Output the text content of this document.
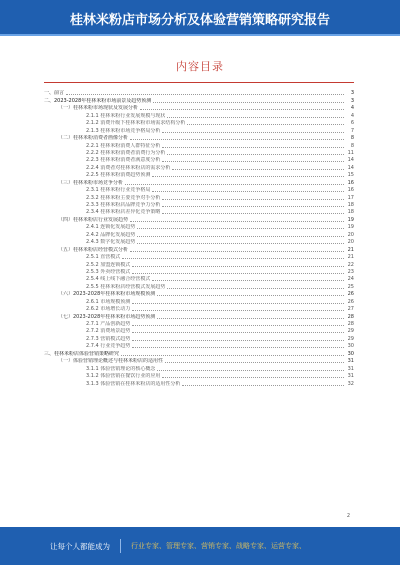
桂林米粉店市场分析及体验营销策略研究报告
内容目录
一、前言	3
二、2023-2028年桂林米粉市场前景及趋势预测	3
（一）桂林米粉市场现状及发展分析	4
2.1.1 桂林米粉行业发展规模与现状	4
2.1.2 消费升级下桂林米粉市场需求结构分析	6
2.1.3 桂林米粉市场竞争格局分析	7
（二）桂林米粉消费者画像分析	8
2.2.1 桂林米粉消费人群特征分析	8
2.2.2 桂林米粉消费者消费行为分析	11
2.2.3 桂林米粉消费者满意度分析	14
2.2.4 消费者对桂林米粉店的需求分析	14
2.2.5 桂林米粉消费趋势预测	15
（三）桂林米粉市场竞争分析	16
2.3.1 桂林米粉行业竞争格局	16
2.3.2 桂林米粉主要竞争对手分析	17
2.3.3 桂林米粉店品牌竞争力分析	18
2.3.4 桂林米粉店差异化竞争策略	18
（四）桂林米粉店行业发展趋势	19
2.4.1 连锁化发展趋势	19
2.4.2 品牌化发展趋势	20
2.4.3 数字化发展趋势	20
（五）桂林米粉店经营模式分析	21
2.5.1 直营模式	21
2.5.2 加盟连锁模式	22
2.5.3 外卖经营模式	23
2.5.4 线上线下融合经营模式	24
2.5.5 桂林米粉店经营模式发展趋势	25
（六）2023-2028年桂林米粉市场规模预测	26
2.6.1 市场规模预测	26
2.6.2 市场增长动力	27
（七）2023-2028年桂林米粉市场趋势预测	28
2.7.1 产品创新趋势	28
2.7.2 消费场景趋势	29
2.7.3 营销模式趋势	29
2.7.4 行业竞争趋势	30
三、桂林米粉店体验营销策略研究	30
（一）体验营销理论概述与桂林米粉店的适用性	31
3.1.1 体验营销理论的核心概念	31
3.1.2 体验营销在餐饮行业的应用	31
3.1.3 体验营销在桂林米粉店的适用性分析	32
2
让每个人都能成为	行业专家、管理专家、营销专家、战略专家、运营专家、
